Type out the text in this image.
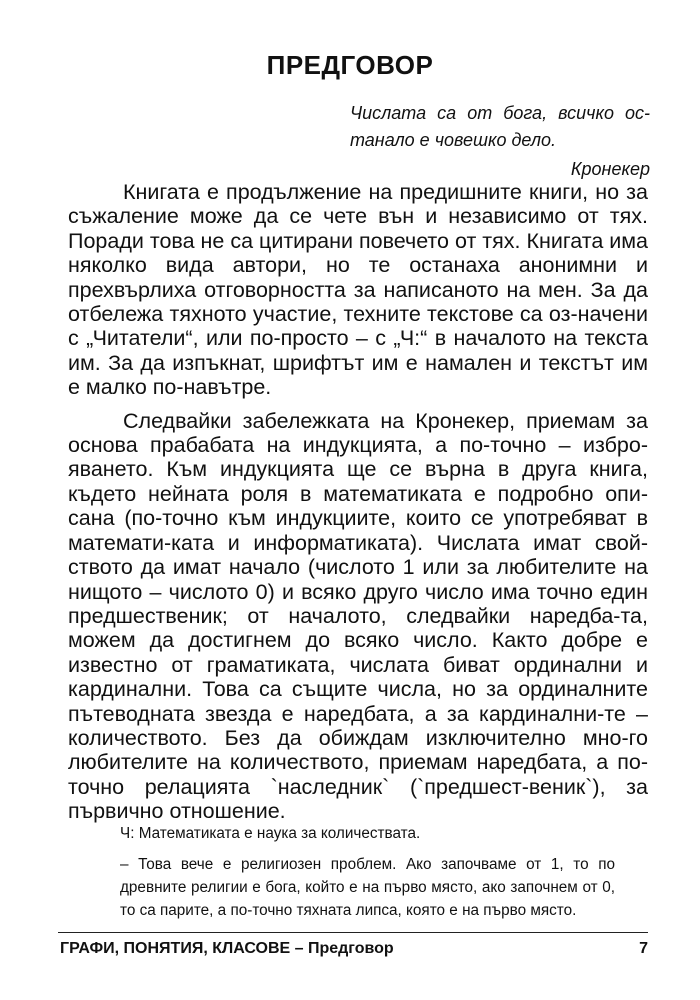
ПРЕДГОВОР
Числата са от бога, всичко ос-танало е човешко дело.
Кронекер

Книгата е продължение на предишните книги, но за съжаление може да се чете вън и независимо от тях. Поради това не са цитирани повечето от тях. Книгата има няколко вида автори, но те останаха анонимни и прехвърлиха отговорността за написаното на мен. За да отбележа тяхното участие, техните текстове са оз-начени с „Читатели“, или по-просто – с „Ч:“ в началото на текста им. За да изпъкнат, шрифтът им е намален и текстът им е малко по-навътре.

Следвайки забележката на Кронекер, приемам за основа прабабата на индукцията, а по-точно – избро-яването. Към индукцията ще се върна в друга книга, където нейната роля в математиката е подробно опи-сана (по-точно към индукциите, които се употребяват в математи-ката и информатиката). Числата имат свой-ството да имат начало (числото 1 или за любителите на нищото – числото 0) и всяко друго число има точно един предшественик; от началото, следвайки наредба-та, можем да достигнем до всяко число. Както добре е известно от граматиката, числата биват ординални и кардинални. Това са същите числа, но за ординалните пътеводната звезда е наредбата, а за кардинални-те – количеството. Без да обиждам изключително мно-го любителите на количеството, приемам наредбата, а по-точно релацията `наследник` (`предшест-веник`), за първично отношение.

Ч: Математиката е наука за количествата.

– Това вече е религиозен проблем. Ако започваме от 1, то по древните религии е бога, който е на първо място, ако започнем от 0, то са парите, а по-точно тяхната липса, която е на първо място.

ГРАФИ, ПОНЯТИЯ, КЛАСОВЕ – Предговор	7
